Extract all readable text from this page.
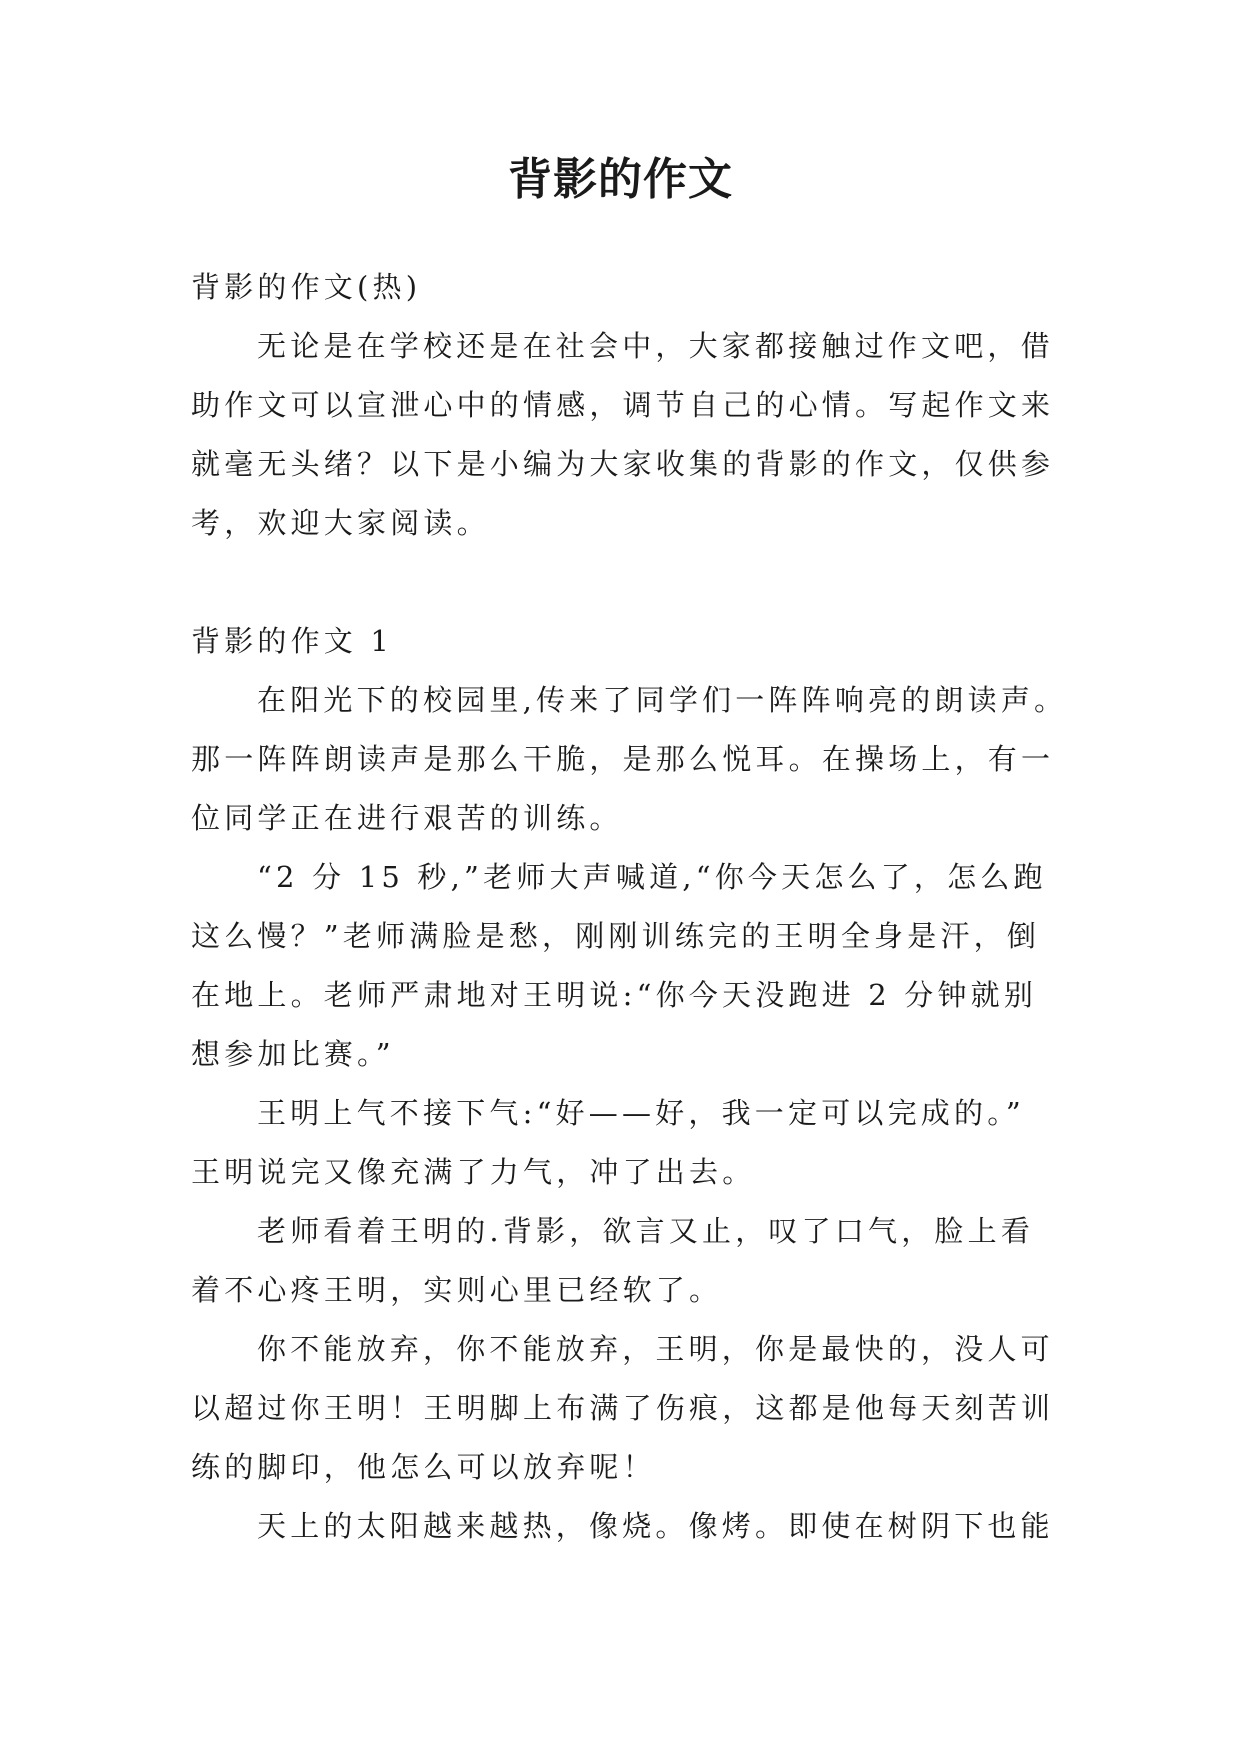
背影的作文
背影的作文(热)
无论是在学校还是在社会中，大家都接触过作文吧，借
助作文可以宣泄心中的情感，调节自己的心情。写起作文来
就毫无头绪？以下是小编为大家收集的背影的作文，仅供参
考，欢迎大家阅读。
背影的作文 1
在阳光下的校园里,传来了同学们一阵阵响亮的朗读声。
那一阵阵朗读声是那么干脆，是那么悦耳。在操场上，有一
位同学正在进行艰苦的训练。
“2 分 15 秒,”老师大声喊道,“你今天怎么了，怎么跑
这么慢？”老师满脸是愁，刚刚训练完的王明全身是汗，倒
在地上。老师严肃地对王明说:“你今天没跑进 2 分钟就别
想参加比赛。”
王明上气不接下气:“好——好，我一定可以完成的。”
王明说完又像充满了力气，冲了出去。
老师看着王明的.背影，欲言又止，叹了口气，脸上看
着不心疼王明，实则心里已经软了。
你不能放弃，你不能放弃，王明，你是最快的，没人可
以超过你王明！王明脚上布满了伤痕，这都是他每天刻苦训
练的脚印，他怎么可以放弃呢！
天上的太阳越来越热，像烧。像烤。即使在树阴下也能
